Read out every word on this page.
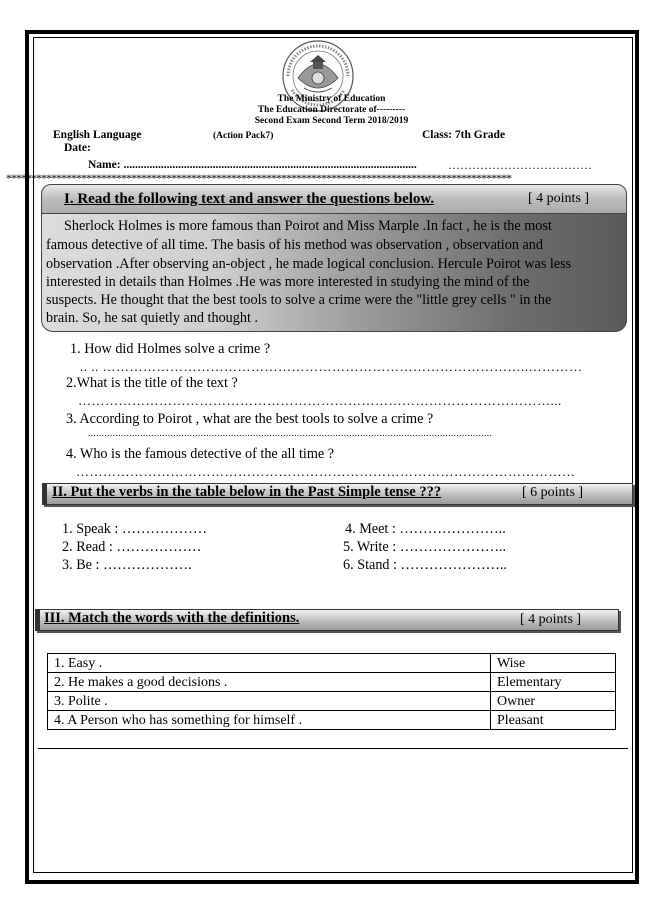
The Ministry of Education
The Education Directorate of---------
Second Exam Second Term 2018/2019
English Language	(Action Pack7)	Class: 7th Grade
Date:
Name: ......................................................................................................	………………………………
*****************************************************************************************************
I. Read the following text and answer the questions below.	[ 4 points ]
Sherlock Holmes is more famous than Poirot and Miss Marple .In fact , he is the most
famous detective of all time. The basis of his method was observation , observation and
observation .After observing an-object , he made logical conclusion. Hercule Poirot was less
interested in details than Holmes .He was more interested in studying the mind of the
suspects. He thought that the best tools to solve a crime were the "little grey cells " in the
brain. So, he sat quietly and thought .
1. How did Holmes solve a crime ?
.. .. …………………………………………………………………………………..…………
2.What is the title of the text ?
……………………………………………………………………………………………...
3. According to Poirot , what are the best tools to solve a crime ?
...................................................................................................................................................
4. Who is the famous detective of the all time ?
…………………………………………………………………………………………………
II. Put the verbs in the table below in the Past Simple tense ???	[ 6 points ]
1. Speak : ………………
2. Read : ………………
3. Be : ……………….
4. Meet : …………………..
5. Write : …………………..
6. Stand : …………………..
III. Match the words with the definitions.	[ 4 points ]
1. Easy .	Wise
2. He makes a good decisions .	Elementary
3. Polite .	Owner
4. A Person who has something for himself .	Pleasant
